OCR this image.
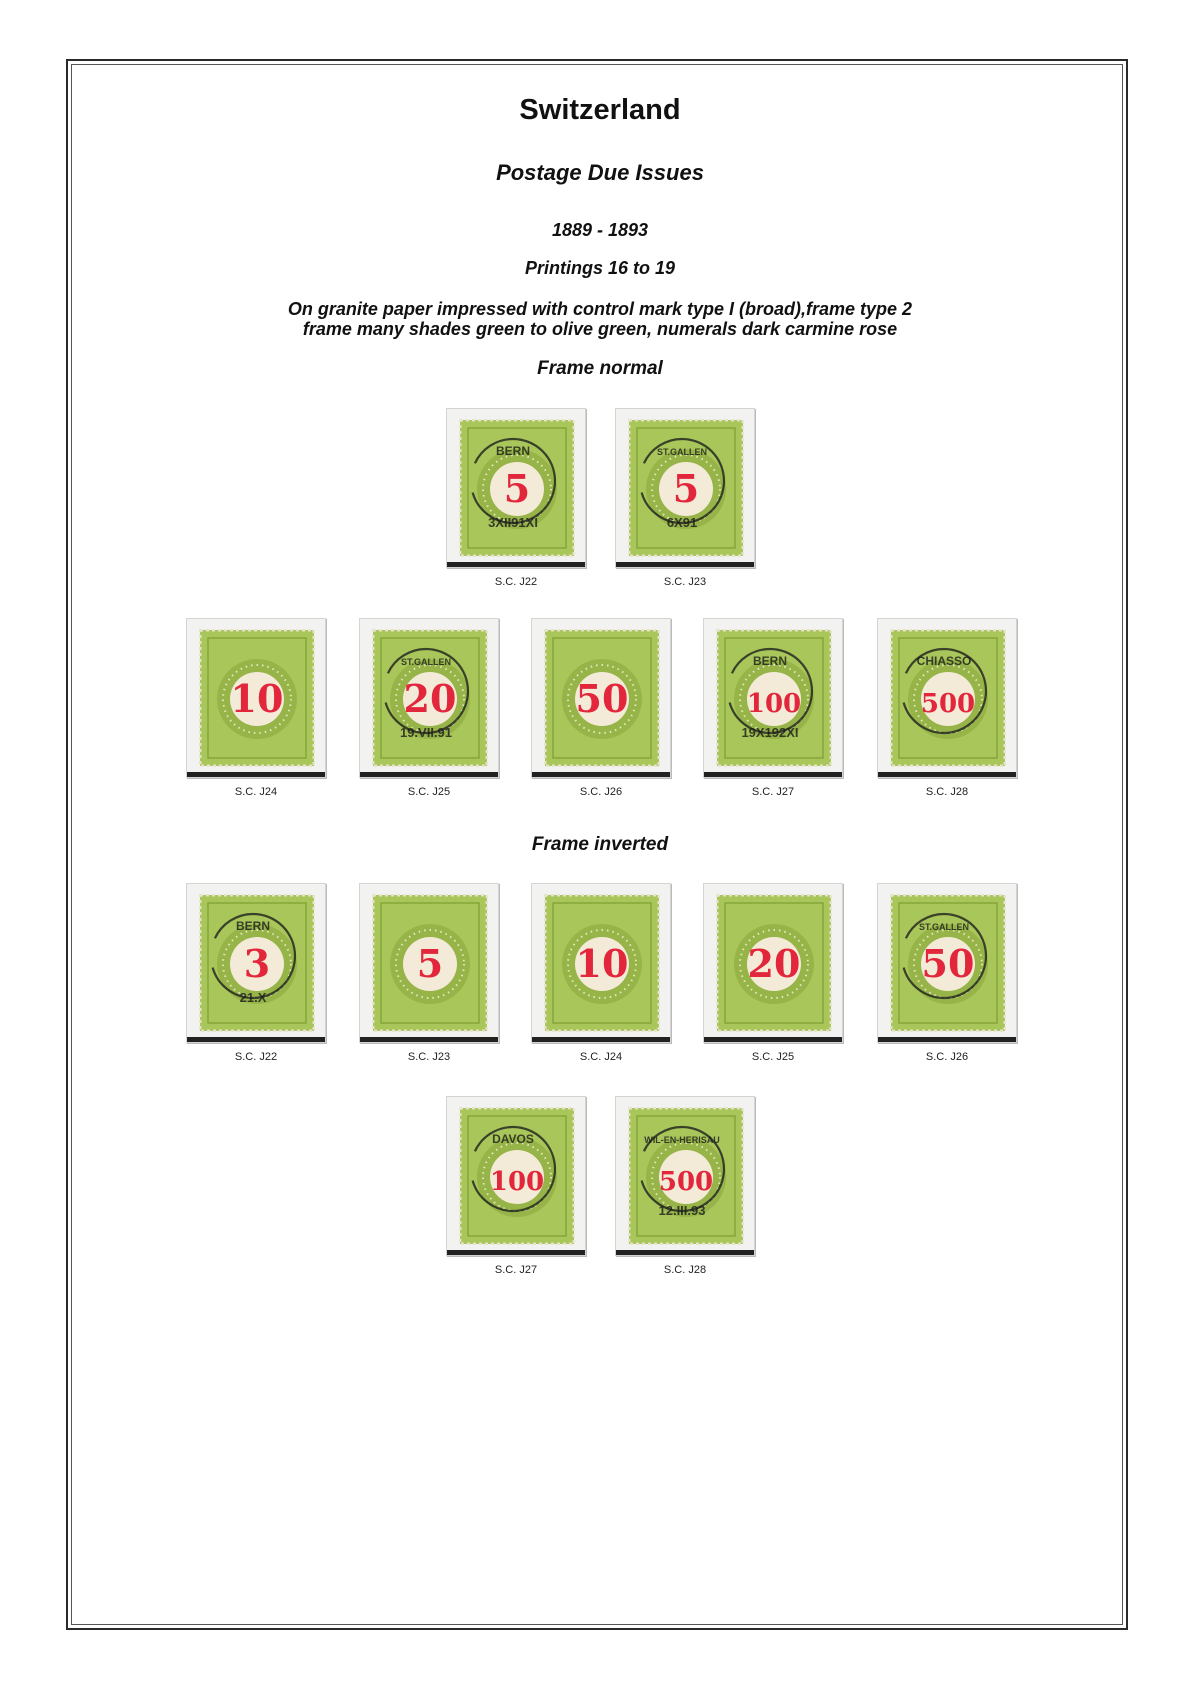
Switzerland
Postage Due Issues
1889 - 1893
Printings 16 to 19
On granite paper impressed with control mark type I (broad),frame type 2
frame many shades green to olive green, numerals dark carmine rose
Frame normal
Frame inverted
5
BERN
3XII91XI
S.C. J22
5
ST.GALLEN
6X91
S.C. J23
10
S.C. J24
20
ST.GALLEN
19.VII.91
S.C. J25
50
S.C. J26
100
BERN
19X192XI
S.C. J27
500
CHIASSO
S.C. J28
3
BERN
21.X
S.C. J22
5
S.C. J23
10
S.C. J24
20
S.C. J25
50
ST.GALLEN
S.C. J26
100
DAVOS
S.C. J27
500
WIL-EN-HERISAU
12.III.93
S.C. J28
